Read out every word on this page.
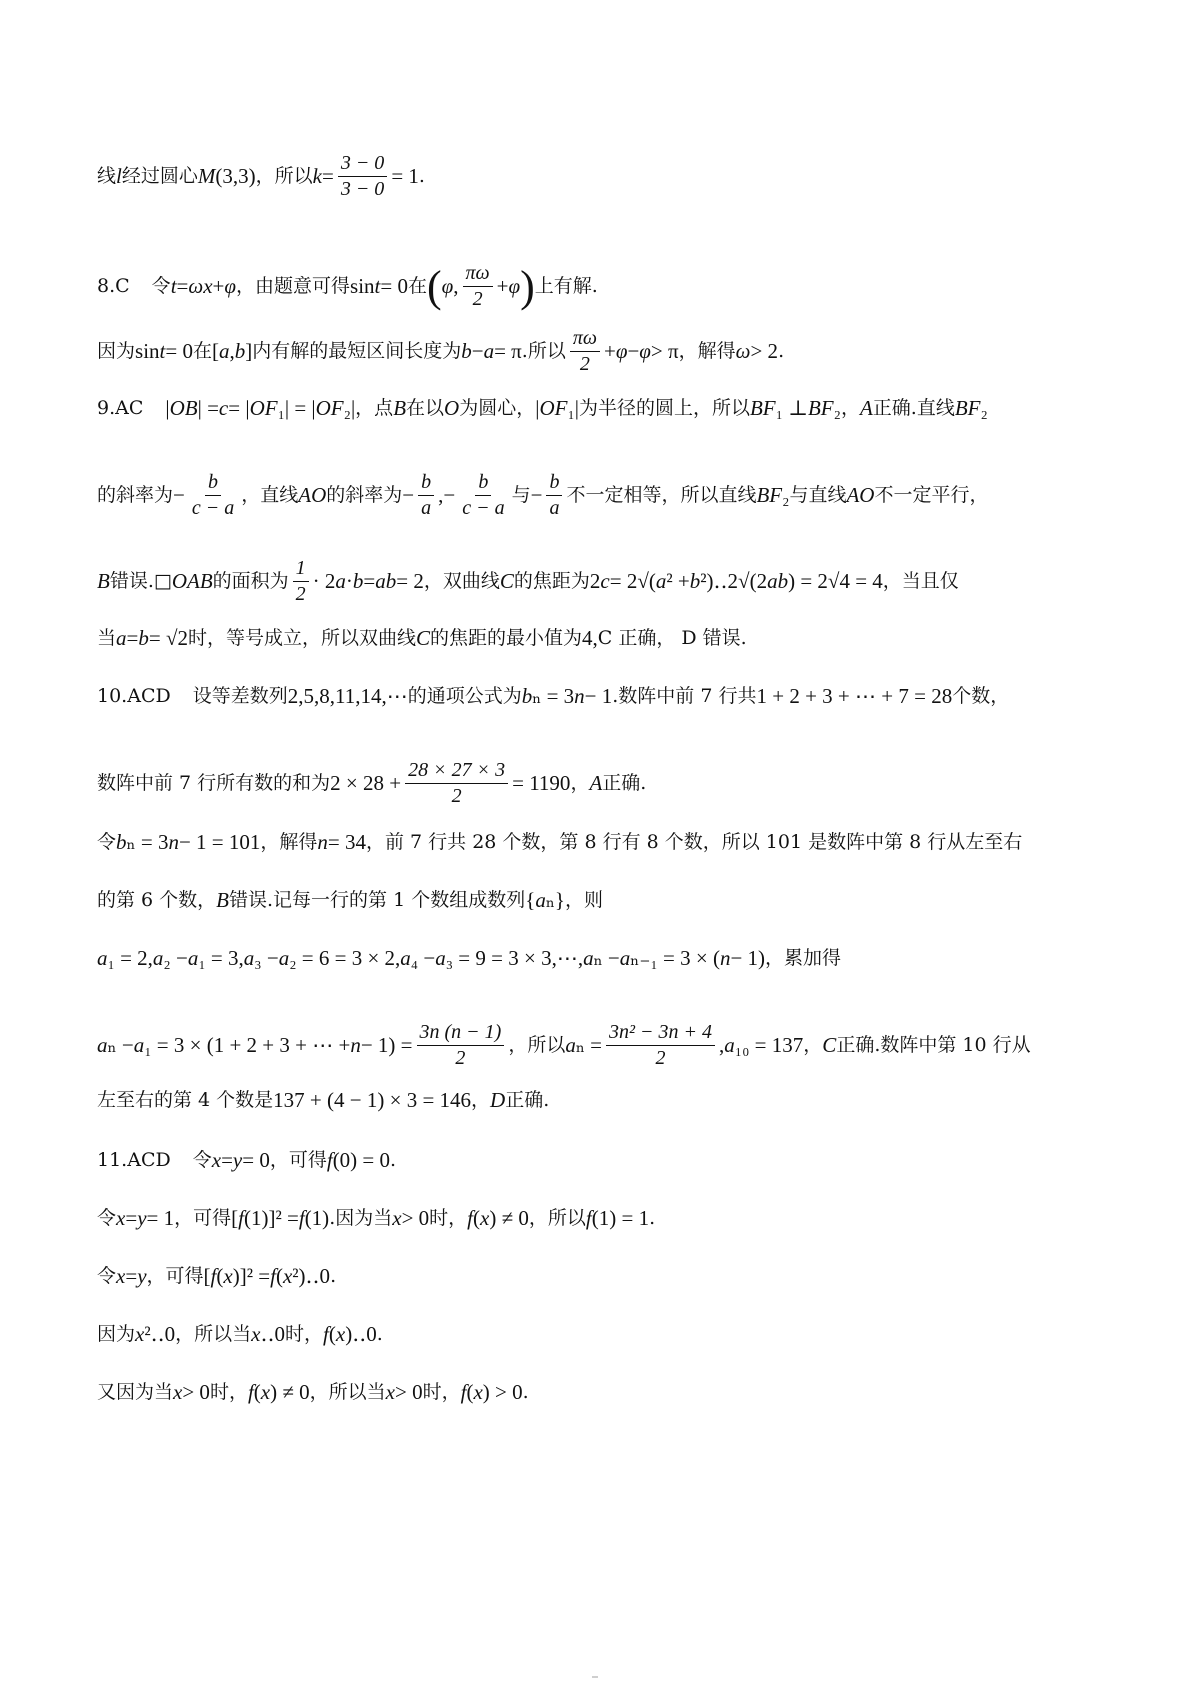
线 l 经过圆心 M (3,3) ，所以 $k = \frac{3 - 0}{3 - 0} = 1$ .
8.C 令 t = ωx + φ ，由题意可得 sin t = 0 在 ( φ , $\frac{\pi\omega}{2} + \varphi$ ) 上有解.
因为 sin t = 0 在 [ a , b ] 内有解的最短区间长度为 b − a = π .所以 $\frac{\pi\omega}{2} + \varphi - \varphi > \pi$ ，解得 ω > 2 .
9.AC | OB | = c = | OF ₁| = | OF ₂| ，点 B 在以 O 为圆心， | OF ₁| 为半径的圆上，所以 BF ₁ ⊥ BF ₂ ， A 正确.直线 BF ₂
的斜率为 − $\frac{b}{c - a}$ ，直线 AO 的斜率为 − $\frac{b}{a}$ ,− $\frac{b}{c - a}$ 与 − $\frac{b}{a}$ 不一定相等，所以直线 BF ₂ 与直线 AO 不一定平行，
B 错误.□ OAB 的面积为 $\frac{1}{2} \cdot 2$ a · b = ab = 2 ，双曲线 C 的焦距为 2 c = 2√( a ² + b ²)‥2√(2 ab ) = 2√4 = 4 ，当且仅
当 a = b = √2 时，等号成立，所以双曲线 C 的焦距的最小值为 4, C 正确， D 错误.
10.ACD 设等差数列 2,5,8,11,14,⋯ 的通项公式为 b ₙ = 3 n − 1 .数阵中前 7 行共 1 + 2 + 3 + ⋯ + 7 = 28 个数，
数阵中前 7 行所有数的和为 $2 \times 28 + \frac{28 \times 27 \times 3}{2} = 1190$ ， A 正确.
令 b ₙ = 3 n − 1 = 101 ，解得 n = 34 ，前 7 行共 28 个数，第 8 行有 8 个数，所以 101 是数阵中第 8 行从左至右
的第 6 个数， B 错误.记每一行的第 1 个数组成数列 { a ₙ} ，则
a ₁ = 2, a ₂ − a ₁ = 3, a ₃ − a ₂ = 6 = 3 × 2, a ₄ − a ₃ = 9 = 3 × 3,⋯, a ₙ − a ₙ₋₁ = 3 × ( n − 1) ，累加得
a ₙ − a ₁ = 3 × (1 + 2 + 3 + ⋯ + $n - 1) = \frac{3n (n - 1)}{2}$ ，所以 a $_n = \frac{\text{3n² − 3n + 4}}{2}$ , a ₁₀ = 137 ， C 正确.数阵中第 10 行从
左至右的第 4 个数是 137 + (4 − 1) × 3 = 146 ， D 正确.
11.ACD 令 x = y = 0 ，可得 f (0) = 0 .
令 x = y = 1 ，可得 [ f (1)]² = f (1) .因为当 x > 0 时， f ( x ) ≠ 0 ，所以 f (1) = 1 .
令 x = y ，可得 [ f ( x )]² = f ( x ²)‥0 .
因为 x ²‥0 ，所以当 x ‥0 时， f ( x )‥0 .
又因为当 x > 0 时， f ( x ) ≠ 0 ，所以当 x > 0 时， f ( x ) > 0 .
